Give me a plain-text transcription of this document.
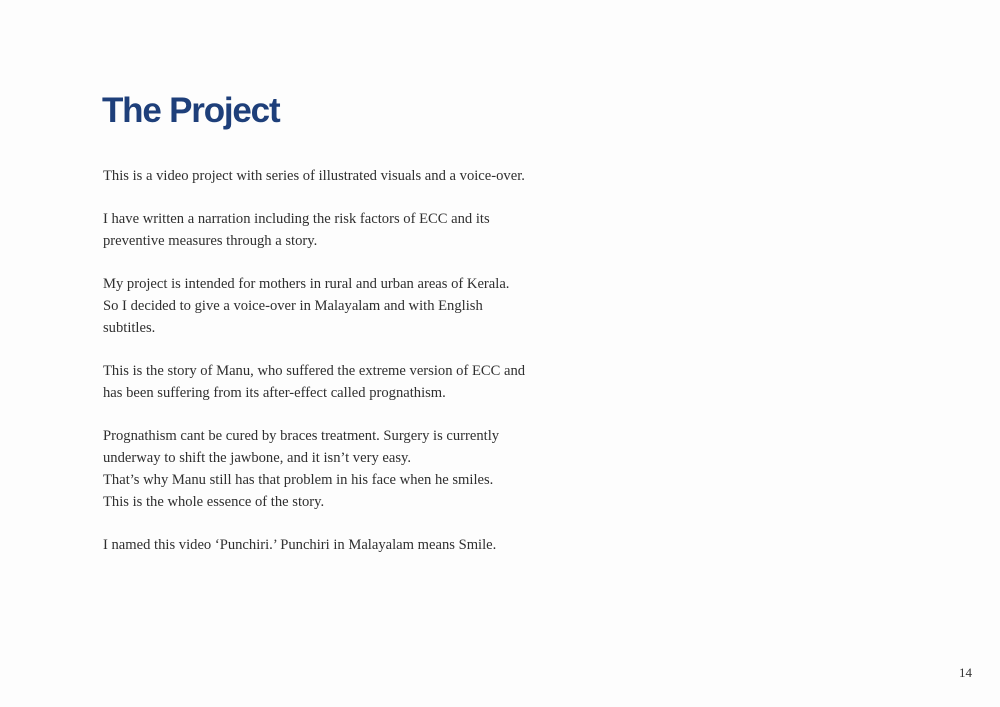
The Project

This is a video project with series of illustrated visuals and a voice-over.

I have written a narration including the risk factors of ECC and its
preventive measures through a story.

My project is intended for mothers in rural and urban areas of Kerala.
So I decided to give a voice-over in Malayalam and with English
subtitles.

This is the story of Manu, who suffered the extreme version of ECC and
has been suffering from its after-effect called prognathism.

Prognathism cant be cured by braces treatment. Surgery is currently
underway to shift the jawbone, and it isn’t very easy.
That’s why Manu still has that problem in his face when he smiles.
This is the whole essence of the story.

I named this video ‘Punchiri.’ Punchiri in Malayalam means Smile.

14
